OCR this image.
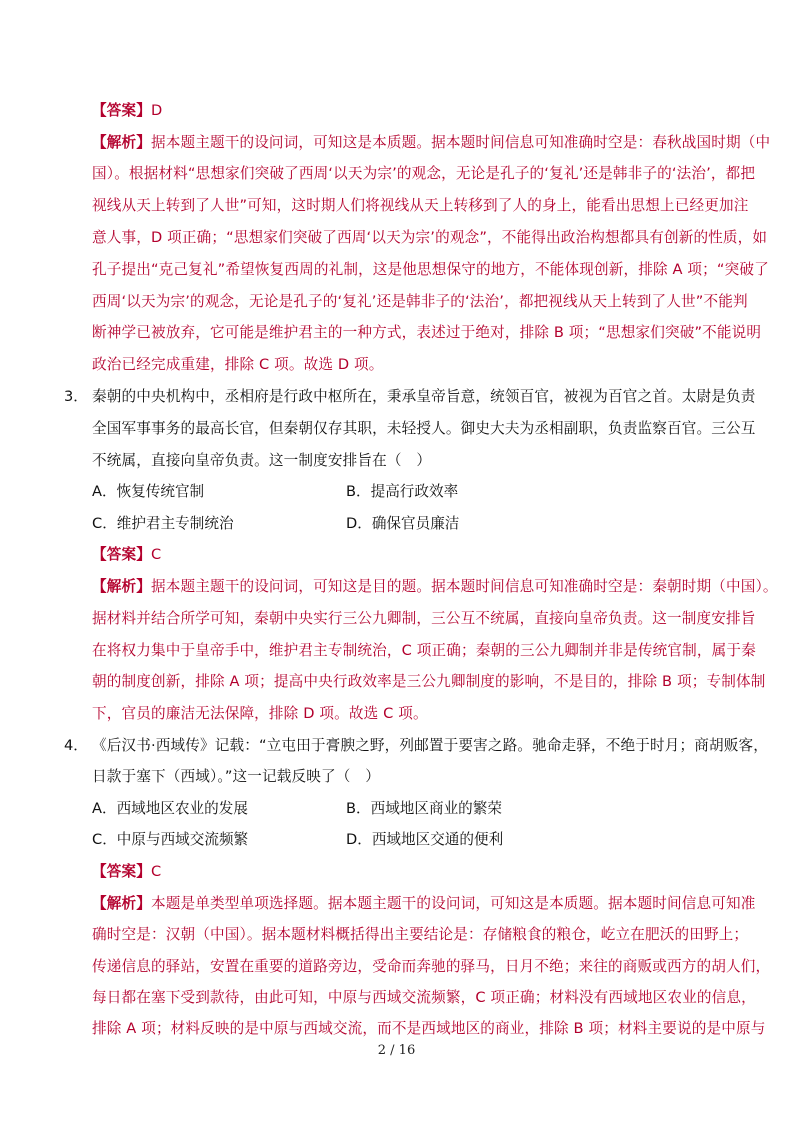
【答案】D
【解析】据本题主题干的设问词，可知这是本质题。据本题时间信息可知准确时空是：春秋战国时期（中
国）。根据材料“思想家们突破了西周‘以天为宗’的观念，无论是孔子的‘复礼’还是韩非子的‘法治’，都把
视线从天上转到了人世”可知，这时期人们将视线从天上转移到了人的身上，能看出思想上已经更加注
意人事，D 项正确；“思想家们突破了西周‘以天为宗’的观念”，不能得出政治构想都具有创新的性质，如
孔子提出“克己复礼”希望恢复西周的礼制，这是他思想保守的地方，不能体现创新，排除 A 项；“突破了
西周‘以天为宗’的观念，无论是孔子的‘复礼’还是韩非子的‘法治’，都把视线从天上转到了人世”不能判
断神学已被放弃，它可能是维护君主的一种方式，表述过于绝对，排除 B 项；“思想家们突破”不能说明
政治已经完成重建，排除 C 项。故选 D 项。
3． 秦朝的中央机构中，丞相府是行政中枢所在，秉承皇帝旨意，统领百官，被视为百官之首。太尉是负责
全国军事事务的最高长官，但秦朝仅存其职，未轻授人。御史大夫为丞相副职，负责监察百官。三公互
不统属，直接向皇帝负责。这一制度安排旨在（　）
A．恢复传统官制	B．提高行政效率
C．维护君主专制统治	D．确保官员廉洁
【答案】C
【解析】据本题主题干的设问词，可知这是目的题。据本题时间信息可知准确时空是：秦朝时期（中国）。
据材料并结合所学可知，秦朝中央实行三公九卿制，三公互不统属，直接向皇帝负责。这一制度安排旨
在将权力集中于皇帝手中，维护君主专制统治，C 项正确；秦朝的三公九卿制并非是传统官制，属于秦
朝的制度创新，排除 A 项；提高中央行政效率是三公九卿制度的影响，不是目的，排除 B 项；专制体制
下，官员的廉洁无法保障，排除 D 项。故选 C 项。
4． 《后汉书·西域传》记载：“立屯田于膏腴之野，列邮置于要害之路。驰命走驿，不绝于时月；商胡贩客，
日款于塞下（西域）。”这一记载反映了（　）
A．西域地区农业的发展	B．西域地区商业的繁荣
C．中原与西域交流频繁	D．西域地区交通的便利
【答案】C
【解析】本题是单类型单项选择题。据本题主题干的设问词，可知这是本质题。据本题时间信息可知准
确时空是：汉朝（中国）。据本题材料概括得出主要结论是：存储粮食的粮仓，屹立在肥沃的田野上；
传递信息的驿站，安置在重要的道路旁边，受命而奔驰的驿马，日月不绝；来往的商贩或西方的胡人们，
每日都在塞下受到款待，由此可知，中原与西域交流频繁，C 项正确；材料没有西域地区农业的信息，
排除 A 项；材料反映的是中原与西域交流，而不是西域地区的商业，排除 B 项；材料主要说的是中原与
2 / 16
